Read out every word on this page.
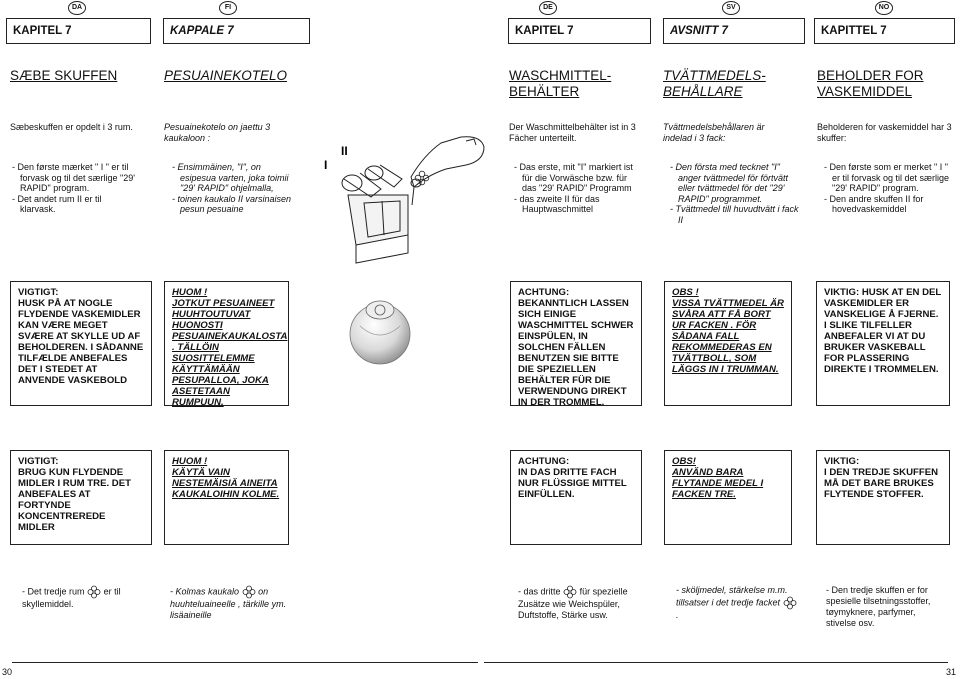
DA
KAPITEL 7
SÆBE SKUFFEN
Sæbeskuffen er opdelt i 3 rum.
- Den første mærket " I " er til forvask og til det særlige "29' RAPID" program.
- Det andet rum II er til klarvask.
VIGTIGT:
HUSK PÅ AT NOGLE FLYDENDE VASKEMIDLER KAN VÆRE MEGET SVÆRE AT SKYLLE UD AF BEHOLDEREN. I SÅDANNE TILFÆLDE ANBEFALES DET I STEDET AT ANVENDE VASKEBOLD
VIGTIGT:
BRUG KUN FLYDENDE MIDLER I RUM TRE. DET ANBEFALES AT FORTYNDE KONCENTREREDE MIDLER
- Det tredje rum er til skyllemiddel.
FI
KAPPALE 7
PESUAINEKOTELO
Pesuainekotelo on jaettu 3 kaukaloon :
- Ensimmäinen, "I", on esipesua varten, joka toimii "29' RAPID" ohjelmalla,
- toinen kaukalo II varsinaisen pesun pesuaine
HUOM !
JOTKUT PESUAINEET HUUHTOUTUVAT HUONOSTI PESUAINEKAUKALOSTA . TÄLLÖIN SUOSITTELEMME KÄYTTÄMÄÄN PESUPALLOA, JOKA ASETETAAN RUMPUUN.
HUOM !
KÄYTÄ VAIN NESTEMÄISIÄ AINEITA KAUKALOIHIN KOLME.
- Kolmas kaukalo on huuhteluaineelle , tärkille ym. lisäaineille
I
II
DE
KAPITEL 7
WASCHMITTEL-BEHÄLTER
Der Waschmittelbehälter ist in 3 Fächer unterteilt.
- Das erste, mit "I" markiert ist für die Vorwäsche bzw. für das "29' RAPID" Programm
- das zweite II für das Hauptwaschmittel
ACHTUNG:
BEKANNTLICH LASSEN SICH EINIGE WASCHMITTEL SCHWER EINSPÜLEN, IN SOLCHEN FÄLLEN BENUTZEN SIE BITTE DIE SPEZIELLEN BEHÄLTER FÜR DIE VERWENDUNG DIREKT IN DER TROMMEL.
ACHTUNG:
IN DAS DRITTE FACH NUR FLÜSSIGE MITTEL EINFÜLLEN.
- das dritte für spezielle Zusätze wie Weichspüler, Duftstoffe, Stärke usw.
SV
AVSNITT 7
TVÄTTMEDELS-BEHÅLLARE
Tvättmedelsbehållaren är indelad i 3 fack:
- Den första med tecknet "I" anger tvättmedel för förtvätt eller tvättmedel för det "29' RAPID" programmet.
- Tvättmedel till huvudtvätt i fack II
OBS !
VISSA TVÄTTMEDEL ÄR SVÅRA ATT FÅ BORT UR FACKEN . FÖR SÅDANA FALL REKOMMEDERAS EN TVÄTTBOLL, SOM LÄGGS IN I TRUMMAN.
OBS!
ANVÄND BARA FLYTANDE MEDEL I FACKEN TRE.
- sköljmedel, stärkelse m.m. tillsatser i det tredje facket  .
NO
KAPITTEL 7
BEHOLDER FOR VASKEMIDDEL
Beholderen for vaskemiddel har 3 skuffer:
- Den første som er merket " I " er til forvask og til det særlige "29' RAPID" program.
- Den andre skuffen II for hovedvaskemiddel
VIKTIG: HUSK AT EN DEL VASKEMIDLER ER VANSKELIGE Å FJERNE. I SLIKE TILFELLER ANBEFALER VI AT DU BRUKER VASKEBALL FOR PLASSERING DIREKTE I TROMMELEN.
VIKTIG:
I DEN TREDJE SKUFFEN MÅ DET BARE BRUKES FLYTENDE STOFFER.
- Den tredje skuffen er for spesielle tilsetningsstoffer, tøymyknere, parfymer, stivelse osv.
30	31
